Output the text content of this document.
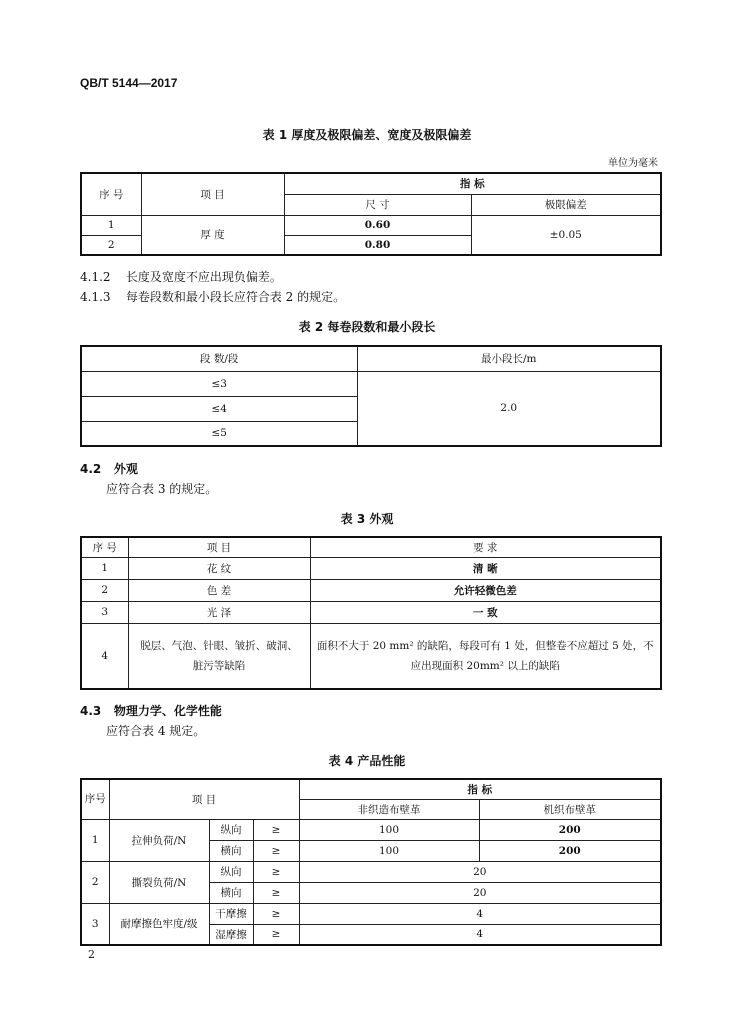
QB/T 5144—2017
表 1 厚度及极限偏差、宽度及极限偏差
单位为毫米
序 号	项 目	指 标	
		尺 寸	极限偏差
1	厚 度	0.60	±0.05
2		0.80	
4.1.2 长度及宽度不应出现负偏差。
4.1.3 每卷段数和最小段长应符合表 2 的规定。
表 2 每卷段数和最小段长
段 数/段	最小段长/m
≤3	2.0
≤4	
≤5	
4.2 外观
应符合表 3 的规定。
表 3 外观
序 号	项 目	要 求
1	花 纹	清 晰
2	色 差	允许轻微色差
3	光 泽	一 致
4	脱层、气泡、针眼、皱折、破洞、脏污等缺陷	面积不大于 20 mm² 的缺陷，每段可有 1 处，但整卷不应超过 5 处，不应出现面积 20mm² 以上的缺陷
4.3 物理力学、化学性能
应符合表 4 规定。
表 4 产品性能
序号	项 目			指 标	
				非织造布壁革	机织布壁革
1	拉伸负荷/N	纵向	≥	100	200
		横向	≥	100	200
2	撕裂负荷/N	纵向	≥	20	
		横向	≥	20	
3	耐摩擦色牢度/级	干摩擦	≥	4	
		湿摩擦	≥	4	
2
